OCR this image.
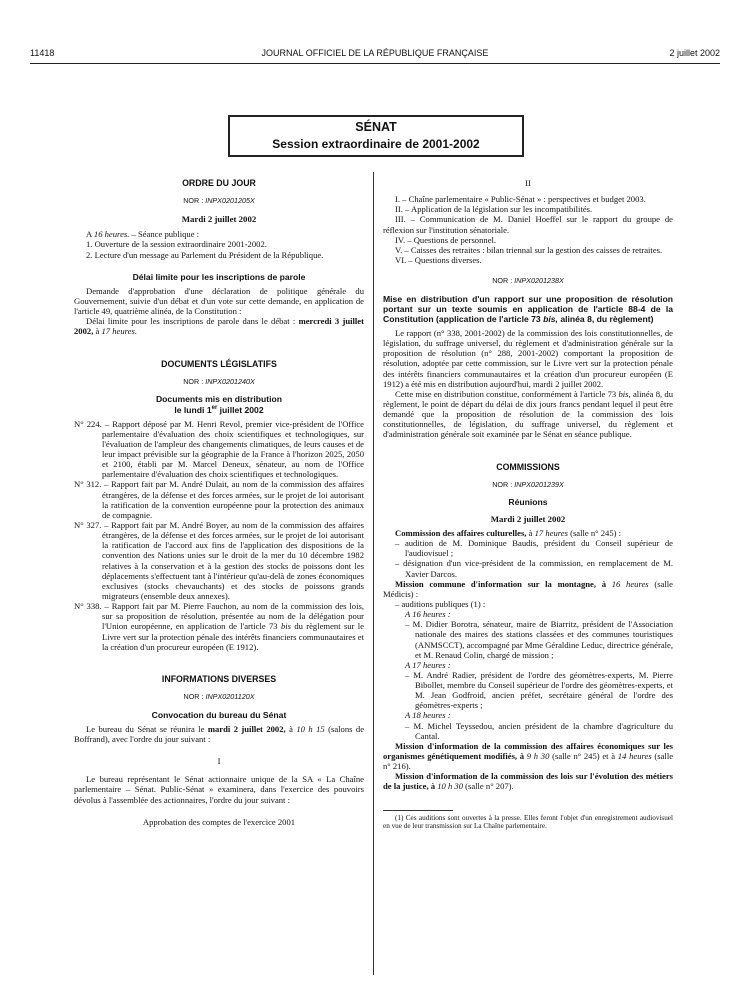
11418	JOURNAL OFFICIEL DE LA RÉPUBLIQUE FRANÇAISE	2 juillet 2002
SÉNAT
Session extraordinaire de 2001-2002
ORDRE DU JOUR
NOR : INPX0201205X
Mardi 2 juillet 2002

A 16 heures. – Séance publique :

1. Ouverture de la session extraordinaire 2001-2002.

2. Lecture d'un message au Parlement du Président de la République.

Délai limite pour les inscriptions de parole

Demande d'approbation d'une déclaration de politique générale du Gouvernement, suivie d'un débat et d'un vote sur cette demande, en application de l'article 49, quatrième alinéa, de la Constitution :

Délai limite pour les inscriptions de parole dans le débat : mercredi 3 juillet 2002, à 17 heures.

DOCUMENTS LÉGISLATIFS
NOR : INPX0201240X
Documents mis en distribution
le lundi 1er juillet 2002

N° 224. – Rapport déposé par M. Henri Revol, premier vice-président de l'Office parlementaire d'évaluation des choix scientifiques et technologiques, sur l'évaluation de l'ampleur des changements climatiques, de leurs causes et de leur impact prévisible sur la géographie de la France à l'horizon 2025, 2050 et 2100, établi par M. Marcel Deneux, sénateur, au nom de l'Office parlementaire d'évaluation des choix scientifiques et technologiques.

N° 312. – Rapport fait par M. André Dulait, au nom de la commission des affaires étrangères, de la défense et des forces armées, sur le projet de loi autorisant la ratification de la convention européenne pour la protection des animaux de compagnie.

N° 327. – Rapport fait par M. André Boyer, au nom de la commission des affaires étrangères, de la défense et des forces armées, sur le projet de loi autorisant la ratification de l'accord aux fins de l'application des dispositions de la convention des Nations unies sur le droit de la mer du 10 décembre 1982 relatives à la conservation et à la gestion des stocks de poissons dont les déplacements s'effectuent tant à l'intérieur qu'au-delà de zones économiques exclusives (stocks chevauchants) et des stocks de poissons grands migrateurs (ensemble deux annexes).

N° 338. – Rapport fait par M. Pierre Fauchon, au nom de la commission des lois, sur sa proposition de résolution, présentée au nom de la délégation pour l'Union européenne, en application de l'article 73 bis du règlement sur le Livre vert sur la protection pénale des intérêts financiers communautaires et la création d'un procureur européen (E 1912).

INFORMATIONS DIVERSES
NOR : INPX0201120X
Convocation du bureau du Sénat

Le bureau du Sénat se réunira le mardi 2 juillet 2002, à 10 h 15 (salons de Boffrand), avec l'ordre du jour suivant :

I

Le bureau représentant le Sénat actionnaire unique de la SA « La Chaîne parlementaire – Sénat. Public-Sénat » examinera, dans l'exercice des pouvoirs dévolus à l'assemblée des actionnaires, l'ordre du jour suivant :

Approbation des comptes de l'exercice 2001
II

I. – Chaîne parlementaire « Public-Sénat » : perspectives et budget 2003.

II. – Application de la législation sur les incompatibilités.

III. – Communication de M. Daniel Hoeffel sur le rapport du groupe de réflexion sur l'institution sénatoriale.

IV. – Questions de personnel.

V. – Caisses des retraites : bilan triennal sur la gestion des caisses de retraites.

VI. – Questions diverses.

NOR : INPX0201238X
Mise en distribution d'un rapport sur une proposition de résolution portant sur un texte soumis en application de l'article 88-4 de la Constitution (application de l'article 73 bis, alinéa 8, du règlement)

Le rapport (n° 338, 2001-2002) de la commission des lois constitutionnelles, de législation, du suffrage universel, du règlement et d'administration générale sur la proposition de résolution (n° 288, 2001-2002) comportant la proposition de résolution, adoptée par cette commission, sur le Livre vert sur la protection pénale des intérêts financiers communautaires et la création d'un procureur européen (E 1912) a été mis en distribution aujourd'hui, mardi 2 juillet 2002.

Cette mise en distribution constitue, conformément à l'article 73 bis, alinéa 8, du règlement, le point de départ du délai de dix jours francs pendant lequel il peut être demandé que la proposition de résolution de la commission des lois constitutionnelles, de législation, du suffrage universel, du règlement et d'administration générale soit examinée par le Sénat en séance publique.

COMMISSIONS
NOR : INPX0201239X
Réunions
Mardi 2 juillet 2002

Commission des affaires culturelles, à 17 heures (salle n° 245) :

– audition de M. Dominique Baudis, président du Conseil supérieur de l'audiovisuel ;

– désignation d'un vice-président de la commission, en remplacement de M. Xavier Darcos.

Mission commune d'information sur la montagne, à 16 heures (salle Médicis) :

– auditions publiques (1) :

A 16 heures :

– M. Didier Borotra, sénateur, maire de Biarritz, président de l'Association nationale des maires des stations classées et des communes touristiques (ANMSCCT), accompagné par Mme Géraldine Leduc, directrice générale, et M. Renaud Colin, chargé de mission ;

A 17 heures :

– M. André Radier, président de l'ordre des géomètres-experts, M. Pierre Bibollet, membre du Conseil supérieur de l'ordre des géomètres-experts, et M. Jean Godfroid, ancien préfet, secrétaire général de l'ordre des géomètres-experts ;

A 18 heures :

– M. Michel Teyssedou, ancien président de la chambre d'agriculture du Cantal.

Mission d'information de la commission des affaires économiques sur les organismes génétiquement modifiés, à 9 h 30 (salle n° 245) et à 14 heures (salle n° 216).

Mission d'information de la commission des lois sur l'évolution des métiers de la justice, à 10 h 30 (salle n° 207).

(1) Ces auditions sont ouvertes à la presse. Elles feront l'objet d'un enregistrement audiovisuel en vue de leur transmission sur La Chaîne parlementaire.
